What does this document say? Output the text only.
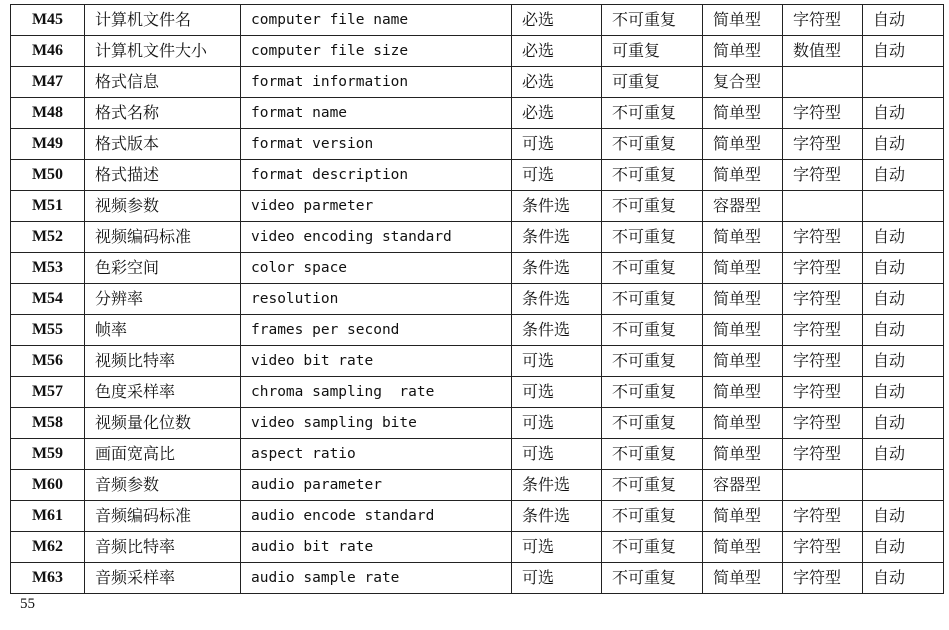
M45	计算机文件名	computer file name	必选	不可重复	简单型	字符型	自动
M46	计算机文件大小	computer file size	必选	可重复	简单型	数值型	自动
M47	格式信息	format information	必选	可重复	复合型		
M48	格式名称	format name	必选	不可重复	简单型	字符型	自动
M49	格式版本	format version	可选	不可重复	简单型	字符型	自动
M50	格式描述	format description	可选	不可重复	简单型	字符型	自动
M51	视频参数	video parmeter	条件选	不可重复	容器型		
M52	视频编码标准	video encoding standard	条件选	不可重复	简单型	字符型	自动
M53	色彩空间	color space	条件选	不可重复	简单型	字符型	自动
M54	分辨率	resolution	条件选	不可重复	简单型	字符型	自动
M55	帧率	frames per second	条件选	不可重复	简单型	字符型	自动
M56	视频比特率	video bit rate	可选	不可重复	简单型	字符型	自动
M57	色度采样率	chroma sampling  rate	可选	不可重复	简单型	字符型	自动
M58	视频量化位数	video sampling bite	可选	不可重复	简单型	字符型	自动
M59	画面宽高比	aspect ratio	可选	不可重复	简单型	字符型	自动
M60	音频参数	audio parameter	条件选	不可重复	容器型		
M61	音频编码标准	audio encode standard	条件选	不可重复	简单型	字符型	自动
M62	音频比特率	audio bit rate	可选	不可重复	简单型	字符型	自动
M63	音频采样率	audio sample rate	可选	不可重复	简单型	字符型	自动
55
